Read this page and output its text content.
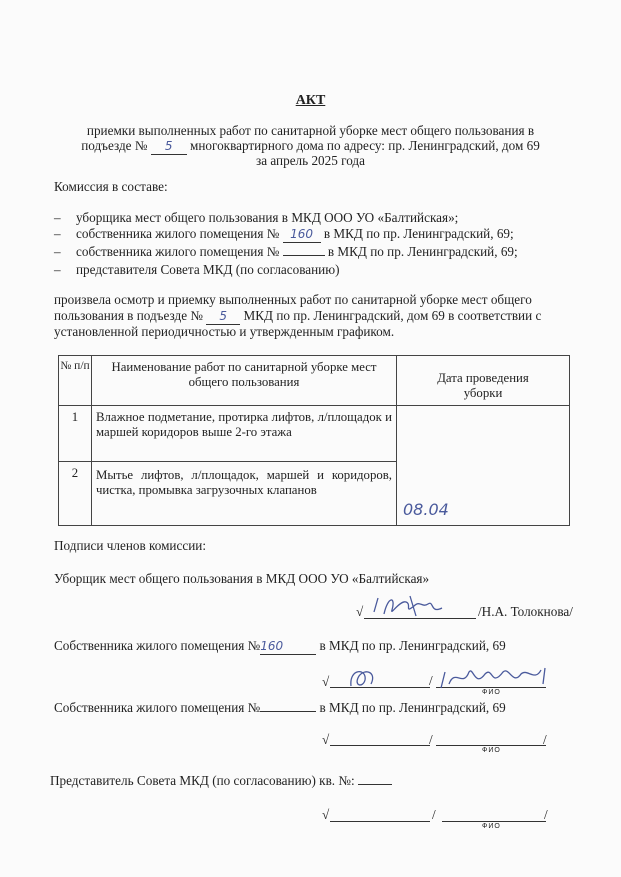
АКТ
приемки выполненных работ по санитарной уборке мест общего пользования в
подъезде № 5 многоквартирного дома по адресу: пр. Ленинградский, дом 69
за апрель 2025 года
Комиссия в составе:
– уборщика мест общего пользования в МКД ООО УО «Балтийская»;
– собственника жилого помещения № 160 в МКД по пр. Ленинградский, 69;
– собственника жилого помещения №	в МКД по пр. Ленинградский, 69;
– представителя Совета МКД (по согласованию)
произвела осмотр и приемку выполненных работ по санитарной уборке мест общего
пользования в подъезде № 5 МКД по пр. Ленинградский, дом 69 в соответствии с
установленной периодичностью и утвержденным графиком.
№ п/п	Наименование работ по санитарной уборке мест общего пользования	Дата проведения уборки
1	Влажное подметание, протирка лифтов, л/площадок и маршей коридоров выше 2-го этажа	08.04

2	Мытье лифтов, л/площадок, маршей и коридоров, чистка, промывка загрузочных клапанов	
Подписи членов комиссии:
Уборщик мест общего пользования в МКД ООО УО «Балтийская»
√	/Н.А. Толокнова/
Собственника жилого помещения №160	в МКД по пр. Ленинградский, 69
√	/
ФИО
Собственника жилого помещения №	в МКД по пр. Ленинградский, 69
√	/	/
ФИО
Представитель Совета МКД (по согласованию) кв. №:
√	/	/
ФИО
